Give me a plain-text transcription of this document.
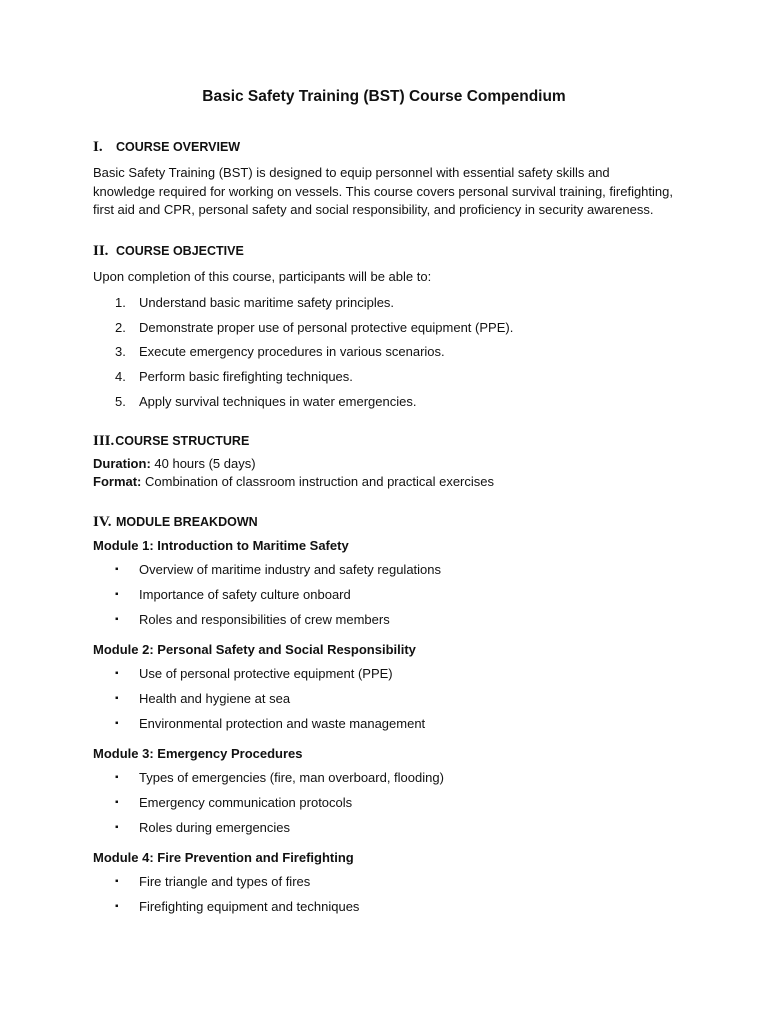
Basic Safety Training (BST) Course Compendium
I. COURSE OVERVIEW

Basic Safety Training (BST) is designed to equip personnel with essential safety skills and knowledge required for working on vessels. This course covers personal survival training, firefighting, first aid and CPR, personal safety and social responsibility, and proficiency in security awareness.

II. COURSE OBJECTIVE

Upon completion of this course, participants will be able to:

1. Understand basic maritime safety principles.
2. Demonstrate proper use of personal protective equipment (PPE).
3. Execute emergency procedures in various scenarios.
4. Perform basic firefighting techniques.
5. Apply survival techniques in water emergencies.
III.COURSE STRUCTURE

Duration: 40 hours (5 days)

Format: Combination of classroom instruction and practical exercises

IV. MODULE BREAKDOWN

Module 1: Introduction to Maritime Safety

▪ Overview of maritime industry and safety regulations
▪ Importance of safety culture onboard
▪ Roles and responsibilities of crew members

Module 2: Personal Safety and Social Responsibility

▪ Use of personal protective equipment (PPE)
▪ Health and hygiene at sea
▪ Environmental protection and waste management

Module 3: Emergency Procedures

▪ Types of emergencies (fire, man overboard, flooding)
▪ Emergency communication protocols
▪ Roles during emergencies

Module 4: Fire Prevention and Firefighting

▪ Fire triangle and types of fires
▪ Firefighting equipment and techniques
